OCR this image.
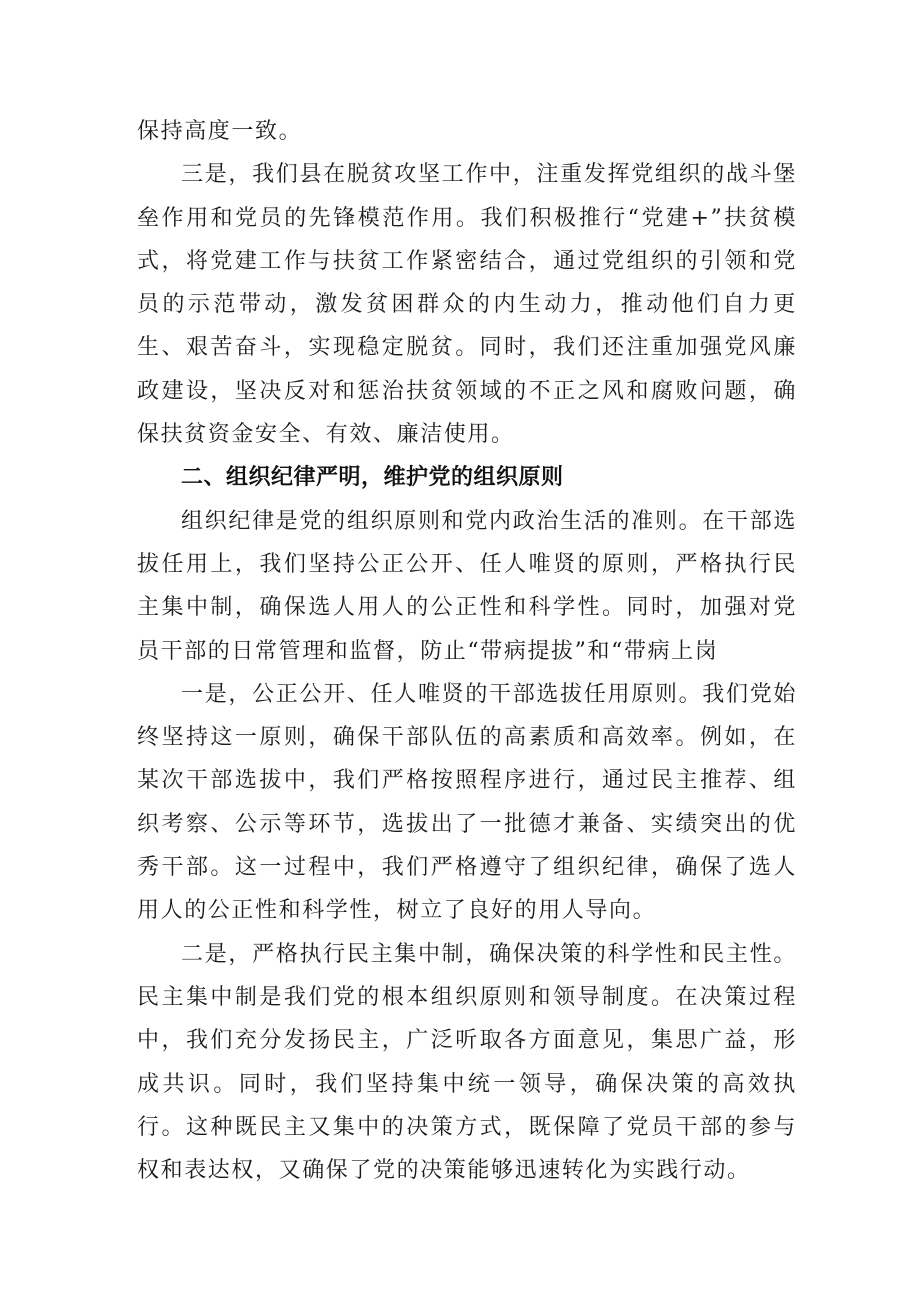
保持高度一致。

三是，我们县在脱贫攻坚工作中，注重发挥党组织的战斗堡垒作用和党员的先锋模范作用。我们积极推行“党建+”扶贫模式，将党建工作与扶贫工作紧密结合，通过党组织的引领和党员的示范带动，激发贫困群众的内生动力，推动他们自力更生、艰苦奋斗，实现稳定脱贫。同时，我们还注重加强党风廉政建设，坚决反对和惩治扶贫领域的不正之风和腐败问题，确保扶贫资金安全、有效、廉洁使用。

二、组织纪律严明，维护党的组织原则

组织纪律是党的组织原则和党内政治生活的准则。在干部选拔任用上，我们坚持公正公开、任人唯贤的原则，严格执行民主集中制，确保选人用人的公正性和科学性。同时，加强对党员干部的日常管理和监督，防止“带病提拔”和“带病上岗

一是，公正公开、任人唯贤的干部选拔任用原则。我们党始终坚持这一原则，确保干部队伍的高素质和高效率。例如，在某次干部选拔中，我们严格按照程序进行，通过民主推荐、组织考察、公示等环节，选拔出了一批德才兼备、实绩突出的优秀干部。这一过程中，我们严格遵守了组织纪律，确保了选人用人的公正性和科学性，树立了良好的用人导向。

二是，严格执行民主集中制，确保决策的科学性和民主性。民主集中制是我们党的根本组织原则和领导制度。在决策过程中，我们充分发扬民主，广泛听取各方面意见，集思广益，形成共识。同时，我们坚持集中统一领导，确保决策的高效执行。这种既民主又集中的决策方式，既保障了党员干部的参与权和表达权，又确保了党的决策能够迅速转化为实践行动。
